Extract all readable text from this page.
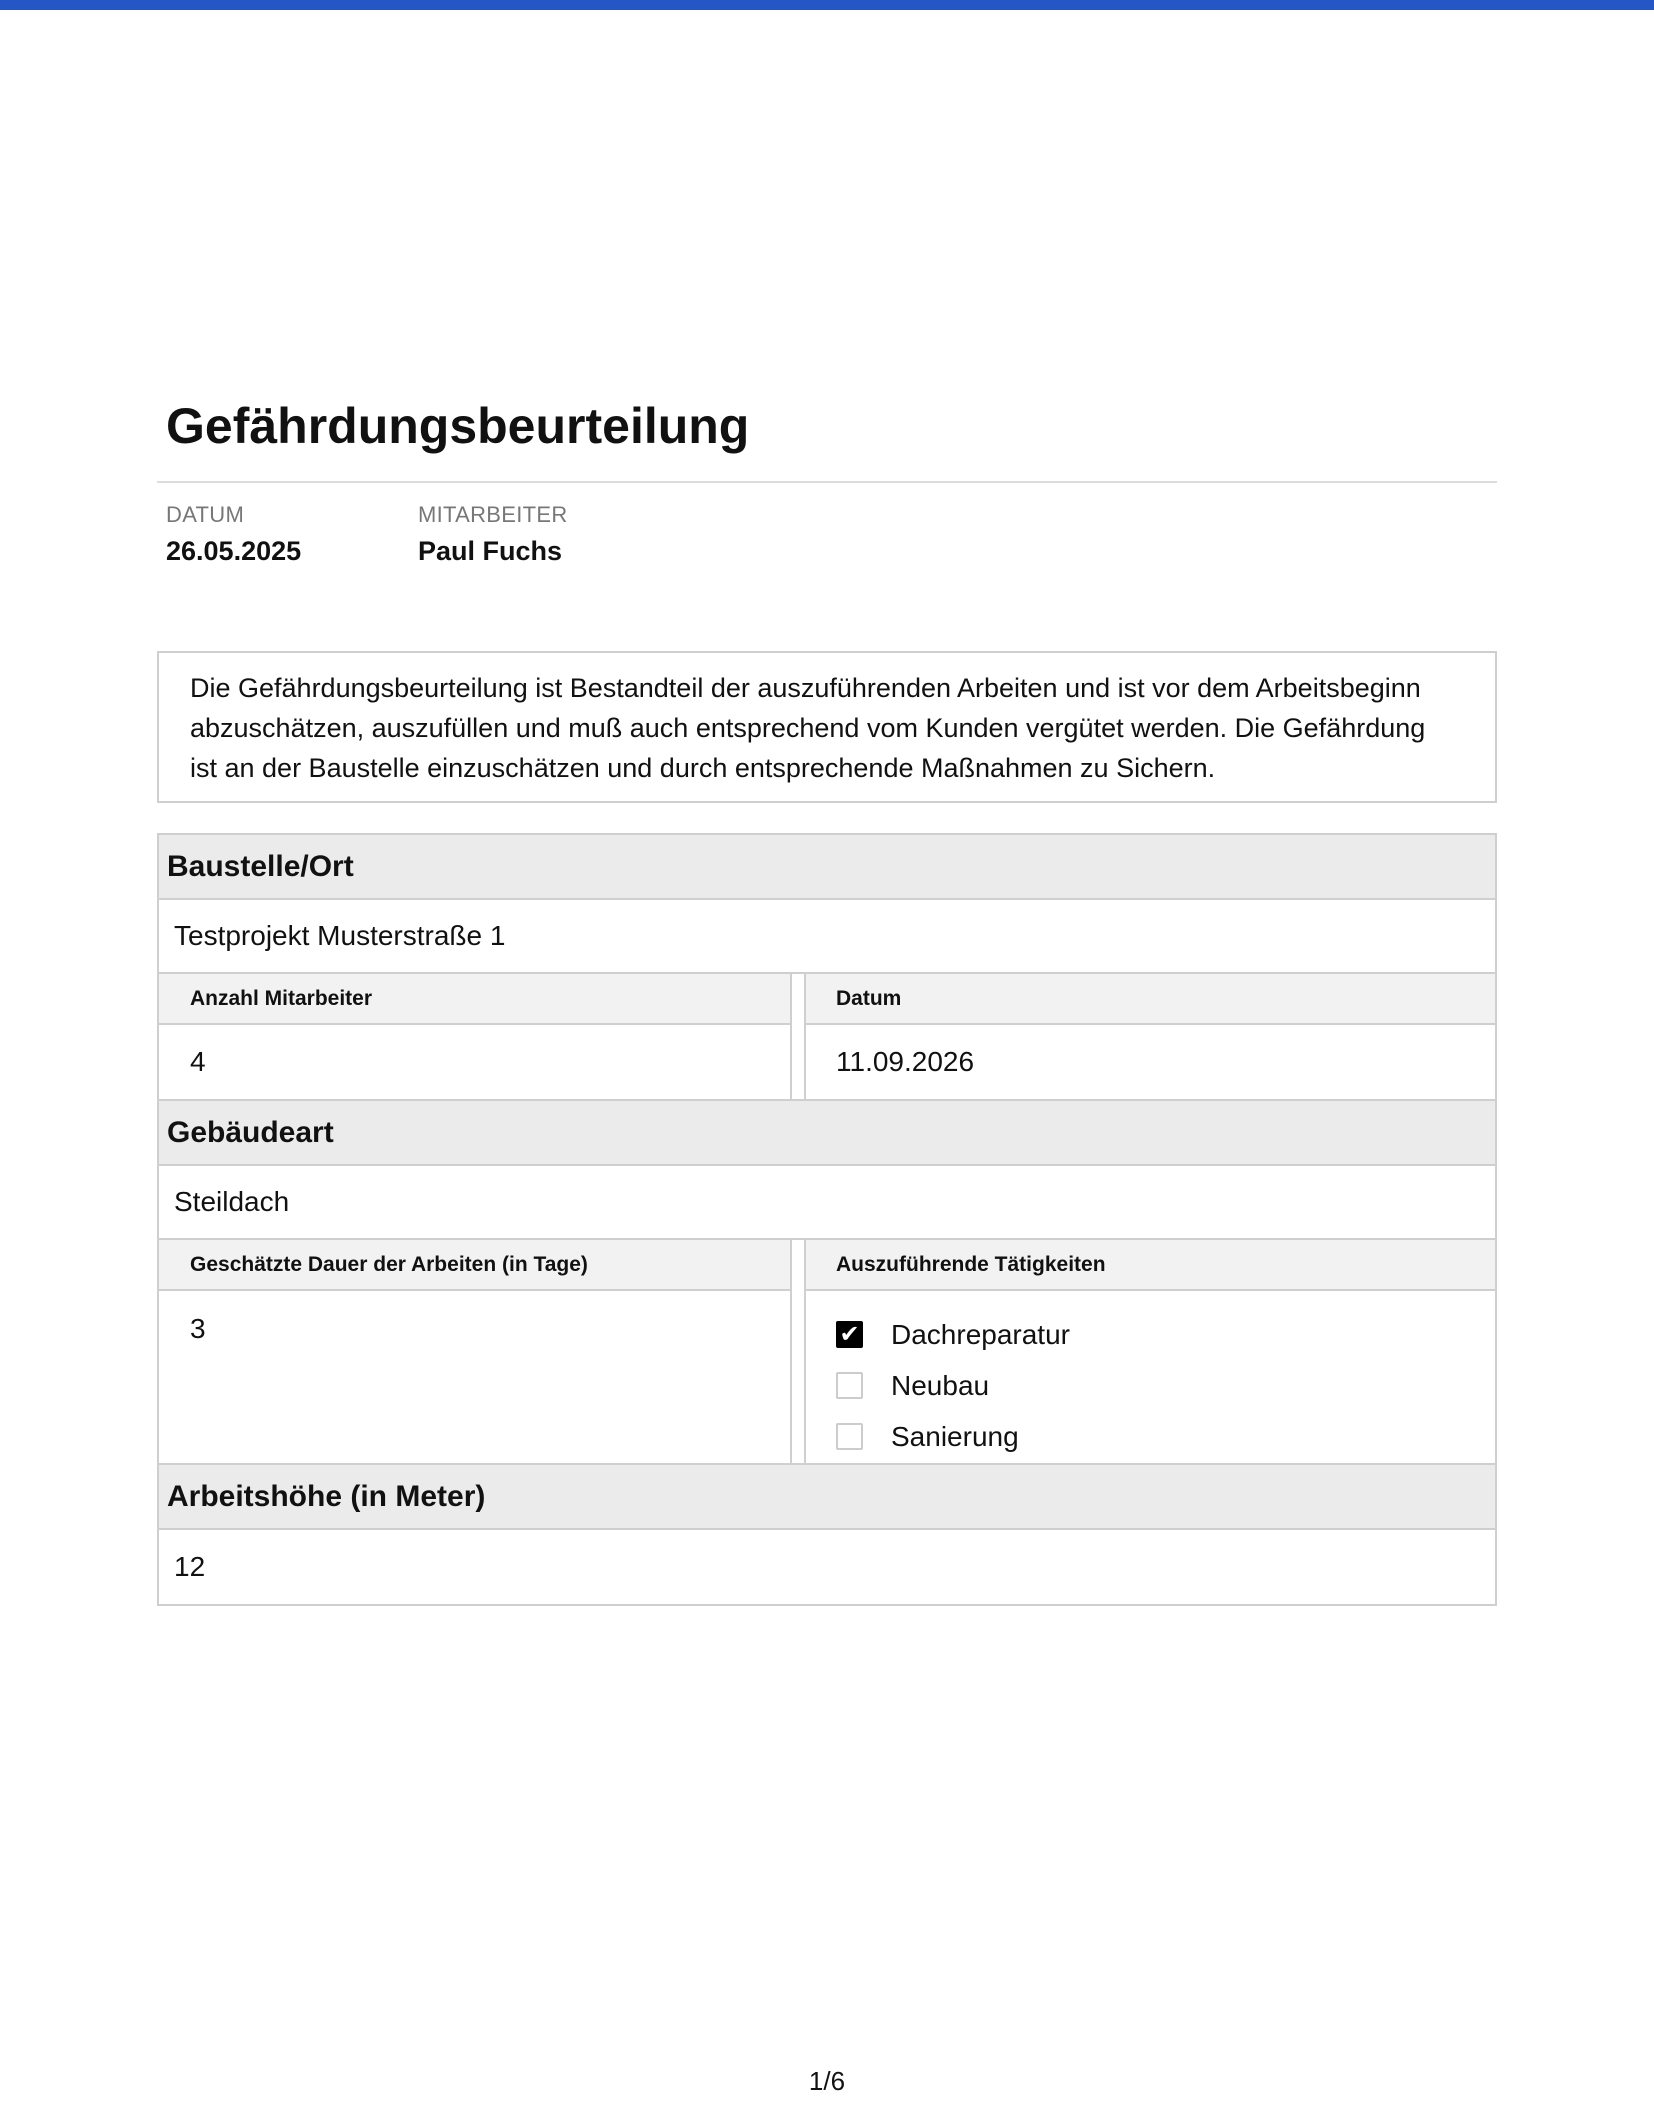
Gefährdungsbeurteilung
DATUM
26.05.2025
MITARBEITER
Paul Fuchs
Die Gefährdungsbeurteilung ist Bestandteil der auszuführenden Arbeiten und ist vor dem Arbeitsbeginn
abzuschätzen, auszufüllen und muß auch entsprechend vom Kunden vergütet werden. Die Gefährdung
ist an der Baustelle einzuschätzen und durch entsprechende Maßnahmen zu Sichern.
Baustelle/Ort
Testprojekt Musterstraße 1
Anzahl Mitarbeiter
4
Datum
11.09.2026
Gebäudeart
Steildach
Geschätzte Dauer der Arbeiten (in Tage)
3
Auszuführende Tätigkeiten
✔ Dachreparatur
Neubau
Sanierung
Arbeitshöhe (in Meter)
12
1/6
